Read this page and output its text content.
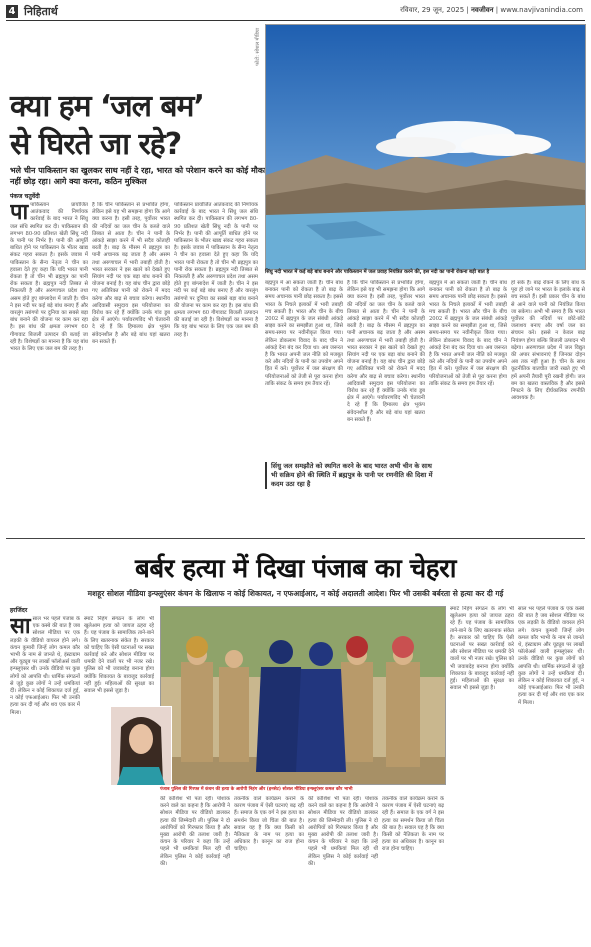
4 निहितार्थ	रविवार, 29 जून, 2025 | नवजीवन | www.navjivanindia.com
क्या हम ‘जल बम’
से घिरते जा रहे?
भले चीन पाकिस्तान का खुलकर साथ नहीं दे रहा, भारत को परेशान करने का कोई मौका नहीं छोड़ रहा। आगे क्या करना, कठिन मुश्किल
पंकज चतुर्वेदी
पापाकिस्तान प्रायोजित आतंकवाद की निर्णायक कार्रवाई के बाद भारत ने सिंधु जल संधि स्थगित कर दी। पाकिस्तान की लगभग 80-90 प्रतिशत खेती सिंधु नदी के पानी पर निर्भर है। पानी की आपूर्ति बाधित होने पर पाकिस्तान के भीतर खाद्य संकट गहरा सकता है। इसके जवाब में पाकिस्तान के सैन्य नेतृत्व ने चीन का हवाला देते हुए कहा कि यदि भारत पानी रोकता है तो चीन भी ब्रह्मपुत्र का पानी रोक सकता है। ब्रह्मपुत्र नदी तिब्बत से निकलती है और अरुणाचल प्रदेश तथा असम होते हुए बांग्लादेश में जाती है। चीन ने इस नदी पर कई बड़े बांध बनाए हैं और यारलुंग त्सांगपो पर दुनिया का सबसे बड़ा बांध बनाने की योजना पर काम कर रहा है। इस बांध की क्षमता लगभग 60 गीगावाट बिजली उत्पादन की बताई जा रही है। विशेषज्ञों का मानना है कि यह बांध भारत के लिए एक जल बम की तरह है।
है कि चीन पाकिस्तान से प्रभावित होगा, लेकिन इसे यह भी समझना होगा कि आगे क्या करना है। इसी तरह, पूर्वोत्तर भारत की नदियों का जल चीन के कब्जे वाले तिब्बत से आता है। चीन ने पानी के आंकड़े साझा करने में भी सदैव कोताही बरती है। बाढ़ के मौसम में ब्रह्मपुत्र का पानी अचानक बढ़ जाता है और असम तथा अरुणाचल में भारी तबाही होती है। भारत सरकार ने इस खतरे को देखते हुए सियांग नदी पर एक बड़ा बांध बनाने की योजना बनाई है। यह बांध चीन द्वारा छोड़े गए अतिरिक्त पानी को रोकने में मदद करेगा और बाढ़ से बचाव करेगा। स्थानीय आदिवासी समुदाय इस परियोजना का विरोध कर रहे हैं क्योंकि उनके गांव डूब क्षेत्र में आएंगे। पर्यावरणविद भी चेतावनी दे रहे हैं कि हिमालय क्षेत्र भूकंप संवेदनशील है और बड़े बांध यहां खतरा बन सकते हैं।
पाकिस्तान प्रायोजित आतंकवाद की निर्णायक कार्रवाई के बाद भारत ने सिंधु जल संधि स्थगित कर दी। पाकिस्तान की लगभग 80-90 प्रतिशत खेती सिंधु नदी के पानी पर निर्भर है। पानी की आपूर्ति बाधित होने पर पाकिस्तान के भीतर खाद्य संकट गहरा सकता है। इसके जवाब में पाकिस्तान के सैन्य नेतृत्व ने चीन का हवाला देते हुए कहा कि यदि भारत पानी रोकता है तो चीन भी ब्रह्मपुत्र का पानी रोक सकता है। ब्रह्मपुत्र नदी तिब्बत से निकलती है और अरुणाचल प्रदेश तथा असम होते हुए बांग्लादेश में जाती है। चीन ने इस नदी पर कई बड़े बांध बनाए हैं और यारलुंग त्सांगपो पर दुनिया का सबसे बड़ा बांध बनाने की योजना पर काम कर रहा है। इस बांध की क्षमता लगभग 60 गीगावाट बिजली उत्पादन की बताई जा रही है। विशेषज्ञों का मानना है कि यह बांध भारत के लिए एक जल बम की तरह है।
फोटो: सोशल मीडिया
सिंधु नदी भारत में कई बड़े बांध बनाने और पाकिस्तान में जल प्रवाह नियंत्रित करने की, इस नदी का पानी रोकना बड़ी बात है
बह्मपुत्र में आ सकता जाती है। चीन बांध बनाकर पानी को रोकता है तो बाढ़ के समय अचानक पानी छोड़ सकता है। इससे भारत के निचले इलाकों में भारी तबाही मच सकती है। भारत और चीन के बीच 2002 में ब्रह्मपुत्र के जल संबंधी आंकड़े साझा करने का समझौता हुआ था, जिसे समय-समय पर नवीनीकृत किया गया। लेकिन डोकलाम विवाद के बाद चीन ने आंकड़े देना बंद कर दिया था। अब जरूरत है कि भारत अपनी जल नीति को मजबूत करे और नदियों के पानी का उपयोग अपने हित में करे। पूर्वोत्तर में जल संरक्षण की परियोजनाओं को तेजी से पूरा करना होगा ताकि संकट के समय हम तैयार रहें।
है कि चीन पाकिस्तान से प्रभावित होगा, लेकिन इसे यह भी समझना होगा कि आगे क्या करना है। इसी तरह, पूर्वोत्तर भारत की नदियों का जल चीन के कब्जे वाले तिब्बत से आता है। चीन ने पानी के आंकड़े साझा करने में भी सदैव कोताही बरती है। बाढ़ के मौसम में ब्रह्मपुत्र का पानी अचानक बढ़ जाता है और असम तथा अरुणाचल में भारी तबाही होती है। भारत सरकार ने इस खतरे को देखते हुए सियांग नदी पर एक बड़ा बांध बनाने की योजना बनाई है। यह बांध चीन द्वारा छोड़े गए अतिरिक्त पानी को रोकने में मदद करेगा और बाढ़ से बचाव करेगा। स्थानीय आदिवासी समुदाय इस परियोजना का विरोध कर रहे हैं क्योंकि उनके गांव डूब क्षेत्र में आएंगे। पर्यावरणविद भी चेतावनी दे रहे हैं कि हिमालय क्षेत्र भूकंप संवेदनशील है और बड़े बांध यहां खतरा बन सकते हैं।
बह्मपुत्र में आ सकता जाती है। चीन बांध बनाकर पानी को रोकता है तो बाढ़ के समय अचानक पानी छोड़ सकता है। इससे भारत के निचले इलाकों में भारी तबाही मच सकती है। भारत और चीन के बीच 2002 में ब्रह्मपुत्र के जल संबंधी आंकड़े साझा करने का समझौता हुआ था, जिसे समय-समय पर नवीनीकृत किया गया। लेकिन डोकलाम विवाद के बाद चीन ने आंकड़े देना बंद कर दिया था। अब जरूरत है कि भारत अपनी जल नीति को मजबूत करे और नदियों के पानी का उपयोग अपने हित में करे। पूर्वोत्तर में जल संरक्षण की परियोजनाओं को तेजी से पूरा करना होगा ताकि संकट के समय हम तैयार रहें।
हो सके हैं। बाढ़ रोकने के लिए बांध के पूरा हो जाने पर भारत के इलाके बाढ़ से बच सकते हैं। इसी प्रकार चीन के बांध से आने वाले पानी को नियंत्रित किया जा सकेगा। अभी भी समय है कि भारत पूर्वोत्तर की नदियों पर छोटे-छोटे जलाशय बनाए और वर्षा जल का संचयन करे। इससे न केवल बाढ़ नियंत्रण होगा बल्कि बिजली उत्पादन भी बढ़ेगा। अरुणाचल प्रदेश में जल विद्युत की अपार संभावनाएं हैं जिनका दोहन अब तक नहीं हुआ है। चीन के साथ कूटनीतिक बातचीत जारी रखते हुए भी हमें अपनी तैयारी पूरी रखनी होगी। जल बम का खतरा वास्तविक है और इससे निपटने के लिए दीर्घकालिक रणनीति आवश्यक है।
सिंधु जल समझौते को स्थगित करने के बाद भारत अभी चीन के साथ भी सक्रिय होने की स्थिति में ब्रह्मपुत्र के पानी पर रणनीति की दिशा में कदम उठा रहा है
बर्बर हत्या में दिखा पंजाब का चेहरा
मशहूर सोशल मीडिया इन्फ्लुएंसर कंचन के खिलाफ न कोई शिकायत, न एफआईआर, न कोई अदालती आदेश। फिर भी उसकी बर्बरता से हत्या कर दी गई
हरजिंदर
सासाल भर पहले पंजाब के एक कस्बे की बात है जब सोशल मीडिया पर एक लड़की के वीडियो वायरल होने लगे। कंचन कुमारी जिन्हें लोग कमल कौर भाभी के नाम से जानते थे, इंस्टाग्राम और यूट्यूब पर लाखों फॉलोअर्स वाली इन्फ्लुएंसर थीं। उनके वीडियो पर कुछ लोगों को आपत्ति थी। धार्मिक संगठनों से जुड़े कुछ लोगों ने उन्हें धमकियां दीं। लेकिन न कोई शिकायत दर्ज हुई, न कोई एफआईआर। फिर भी उनकी हत्या कर दी गई और शव एक कार में मिला।
स्मार्ट निहंग संगठन के लोग भी खुलेआम हत्या को जायज ठहरा रहे हैं। यह पंजाब के सामाजिक ताने-बाने के लिए खतरनाक संकेत है। सरकार को चाहिए कि ऐसी घटनाओं पर सख्त कार्रवाई करे और सोशल मीडिया पर धमकी देने वालों पर भी नजर रखे। पुलिस को भी जवाबदेह बनाना होगा क्योंकि शिकायत के बावजूद कार्रवाई नहीं हुई। महिलाओं की सुरक्षा का सवाल भी इससे जुड़ा है।
पंजाब पुलिस की गिरफ्त में कंचन की हत्या के आरोपी निहंग और (इनसेट) सोशल मीडिया इन्फ्लुएंसर कमल कौर भाभी
की कोशिश भी पता रही। पोशाक करने वाले का कहना है कि आरोपी ने सोशल मीडिया पर वीडियो डालकर हत्या की जिम्मेदारी ली। पुलिस ने दो आरोपियों को गिरफ्तार किया है और मुख्य आरोपी की तलाश जारी है। कंचन के परिवार ने कहा कि उन्हें पहले भी धमकियां मिल रही थीं लेकिन पुलिस ने कोई कार्रवाई नहीं की।
तकनीक वाले कार्यक्रम कराने के कारण पंजाब में ऐसी घटनाएं बढ़ रही हैं। समाज के एक वर्ग ने इस हत्या का समर्थन किया जो चिंता की बात है। सवाल यह है कि क्या किसी को नैतिकता के नाम पर हत्या का अधिकार है। कानून का राज होना चाहिए।
की कोशिश भी पता रही। पोशाक करने वाले का कहना है कि आरोपी ने सोशल मीडिया पर वीडियो डालकर हत्या की जिम्मेदारी ली। पुलिस ने दो आरोपियों को गिरफ्तार किया है और मुख्य आरोपी की तलाश जारी है। कंचन के परिवार ने कहा कि उन्हें पहले भी धमकियां मिल रही थीं लेकिन पुलिस ने कोई कार्रवाई नहीं की।
तकनीक वाले कार्यक्रम कराने के कारण पंजाब में ऐसी घटनाएं बढ़ रही हैं। समाज के एक वर्ग ने इस हत्या का समर्थन किया जो चिंता की बात है। सवाल यह है कि क्या किसी को नैतिकता के नाम पर हत्या का अधिकार है। कानून का राज होना चाहिए।
स्मार्ट निहंग संगठन के लोग भी खुलेआम हत्या को जायज ठहरा रहे हैं। यह पंजाब के सामाजिक ताने-बाने के लिए खतरनाक संकेत है। सरकार को चाहिए कि ऐसी घटनाओं पर सख्त कार्रवाई करे और सोशल मीडिया पर धमकी देने वालों पर भी नजर रखे। पुलिस को भी जवाबदेह बनाना होगा क्योंकि शिकायत के बावजूद कार्रवाई नहीं हुई। महिलाओं की सुरक्षा का सवाल भी इससे जुड़ा है।
साल भर पहले पंजाब के एक कस्बे की बात है जब सोशल मीडिया पर एक लड़की के वीडियो वायरल होने लगे। कंचन कुमारी जिन्हें लोग कमल कौर भाभी के नाम से जानते थे, इंस्टाग्राम और यूट्यूब पर लाखों फॉलोअर्स वाली इन्फ्लुएंसर थीं। उनके वीडियो पर कुछ लोगों को आपत्ति थी। धार्मिक संगठनों से जुड़े कुछ लोगों ने उन्हें धमकियां दीं। लेकिन न कोई शिकायत दर्ज हुई, न कोई एफआईआर। फिर भी उनकी हत्या कर दी गई और शव एक कार में मिला।
